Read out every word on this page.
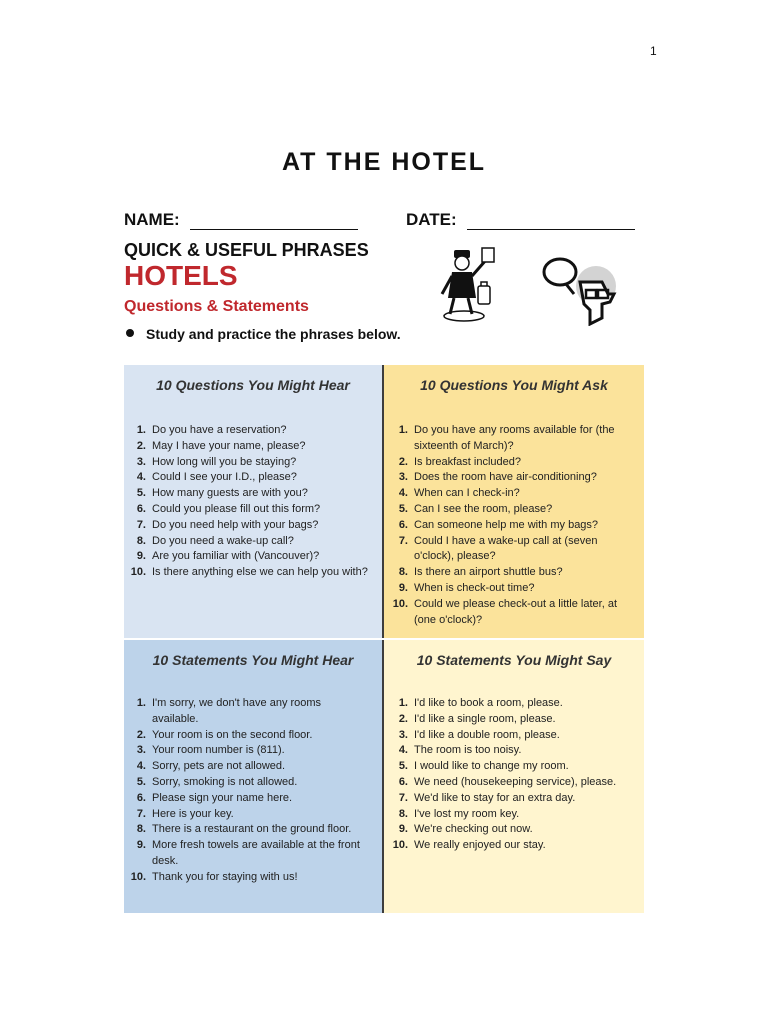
1
AT THE HOTEL
NAME:	DATE:
QUICK & USEFUL PHRASES
HOTELS
Questions & Statements
Study and practice the phrases below.
10 Questions You Might Hear
1. Do you have a reservation?
2. May I have your name, please?
3. How long will you be staying?
4. Could I see your I.D., please?
5. How many guests are with you?
6. Could you please fill out this form?
7. Do you need help with your bags?
8. Do you need a wake-up call?
9. Are you familiar with (Vancouver)?
10. Is there anything else we can help you with?
10 Questions You Might Ask
1. Do you have any rooms available for (the sixteenth of March)?
2. Is breakfast included?
3. Does the room have air-conditioning?
4. When can I check-in?
5. Can I see the room, please?
6. Can someone help me with my bags?
7. Could I have a wake-up call at (seven o'clock), please?
8. Is there an airport shuttle bus?
9. When is check-out time?
10. Could we please check-out a little later, at (one o'clock)?
10 Statements You Might Hear
1. I'm sorry, we don't have any rooms available.
2. Your room is on the second floor.
3. Your room number is (811).
4. Sorry, pets are not allowed.
5. Sorry, smoking is not allowed.
6. Please sign your name here.
7. Here is your key.
8. There is a restaurant on the ground floor.
9. More fresh towels are available at the front desk.
10. Thank you for staying with us!
10 Statements You Might Say
1. I'd like to book a room, please.
2. I'd like a single room, please.
3. I'd like a double room, please.
4. The room is too noisy.
5. I would like to change my room.
6. We need (housekeeping service), please.
7. We'd like to stay for an extra day.
8. I've lost my room key.
9. We're checking out now.
10. We really enjoyed our stay.
